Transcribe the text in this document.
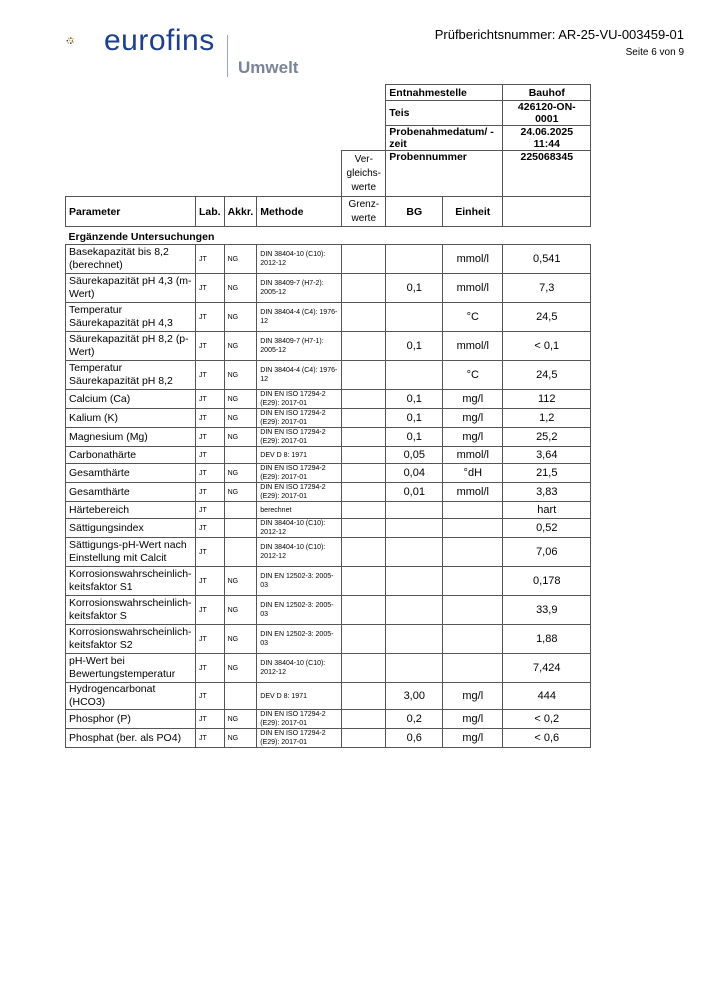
eurofins
Umwelt
Prüfberichtsnummer: AR-25-VU-003459-01
Seite 6 von 9
					Entnahmestelle		Bauhof
					Teis		426120-ON-0001
					Probenahmedatum/ -zeit		24.06.2025 11:44
				Ver-gleichs-werte	Probennummer		225068345
Parameter	Lab.	Akkr.	Methode	Grenz-werte	BG	Einheit	
Ergänzende Untersuchungen							
Basekapazität bis 8,2 (berechnet)	JT	NG	DIN 38404-10 (C10): 2012-12			mmol/l	0,541
Säurekapazität pH 4,3 (m-Wert)	JT	NG	DIN 38409-7 (H7-2): 2005-12		0,1	mmol/l	7,3
Temperatur Säurekapazität pH 4,3	JT	NG	DIN 38404-4 (C4): 1976-12			°C	24,5
Säurekapazität pH 8,2 (p-Wert)	JT	NG	DIN 38409-7 (H7-1): 2005-12		0,1	mmol/l	< 0,1
Temperatur Säurekapazität pH 8,2	JT	NG	DIN 38404-4 (C4): 1976-12			°C	24,5
Calcium (Ca)	JT	NG	DIN EN ISO 17294-2 (E29): 2017-01		0,1	mg/l	112
Kalium (K)	JT	NG	DIN EN ISO 17294-2 (E29): 2017-01		0,1	mg/l	1,2
Magnesium (Mg)	JT	NG	DIN EN ISO 17294-2 (E29): 2017-01		0,1	mg/l	25,2
Carbonathärte	JT		DEV D 8: 1971		0,05	mmol/l	3,64
Gesamthärte	JT	NG	DIN EN ISO 17294-2 (E29): 2017-01		0,04	°dH	21,5
Gesamthärte	JT	NG	DIN EN ISO 17294-2 (E29): 2017-01		0,01	mmol/l	3,83
Härtebereich	JT		berechnet				hart
Sättigungsindex	JT		DIN 38404-10 (C10): 2012-12				0,52
Sättigungs-pH-Wert nach Einstellung mit Calcit	JT		DIN 38404-10 (C10): 2012-12				7,06
Korrosionswahrscheinlich-keitsfaktor S1	JT	NG	DIN EN 12502-3: 2005-03				0,178
Korrosionswahrscheinlich-keitsfaktor S	JT	NG	DIN EN 12502-3: 2005-03				33,9
Korrosionswahrscheinlich-keitsfaktor S2	JT	NG	DIN EN 12502-3: 2005-03				1,88
pH-Wert bei Bewertungstemperatur	JT	NG	DIN 38404-10 (C10): 2012-12				7,424
Hydrogencarbonat (HCO3)	JT		DEV D 8: 1971		3,00	mg/l	444
Phosphor (P)	JT	NG	DIN EN ISO 17294-2 (E29): 2017-01		0,2	mg/l	< 0,2
Phosphat (ber. als PO4)	JT	NG	DIN EN ISO 17294-2 (E29): 2017-01		0,6	mg/l	< 0,6
